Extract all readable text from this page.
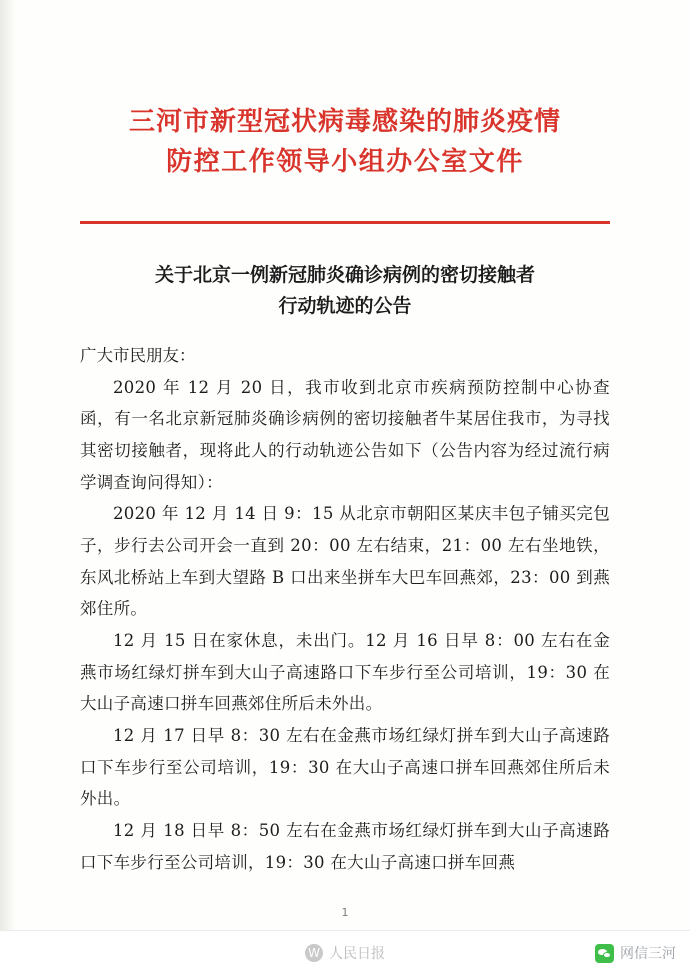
三河市新型冠状病毒感染的肺炎疫情
防控工作领导小组办公室文件
关于北京一例新冠肺炎确诊病例的密切接触者
行动轨迹的公告
广大市民朋友：

2020 年 12 月 20 日，我市收到北京市疾病预防控制中心协查函，有一名北京新冠肺炎确诊病例的密切接触者牛某居住我市，为寻找其密切接触者，现将此人的行动轨迹公告如下（公告内容为经过流行病学调查询问得知）：

2020 年 12 月 14 日 9：15 从北京市朝阳区某庆丰包子铺买完包子，步行去公司开会一直到 20：00 左右结束，21：00 左右坐地铁，东风北桥站上车到大望路 B 口出来坐拼车大巴车回燕郊，23：00 到燕郊住所。

12 月 15 日在家休息，未出门。12 月 16 日早 8：00 左右在金燕市场红绿灯拼车到大山子高速路口下车步行至公司培训，19：30 在大山子高速口拼车回燕郊住所后未外出。

12 月 17 日早 8：30 左右在金燕市场红绿灯拼车到大山子高速路口下车步行至公司培训，19：30 在大山子高速口拼车回燕郊住所后未外出。

12 月 18 日早 8：50 左右在金燕市场红绿灯拼车到大山子高速路口下车步行至公司培训，19：30 在大山子高速口拼车回燕

1
W 人民日报	网信三河
